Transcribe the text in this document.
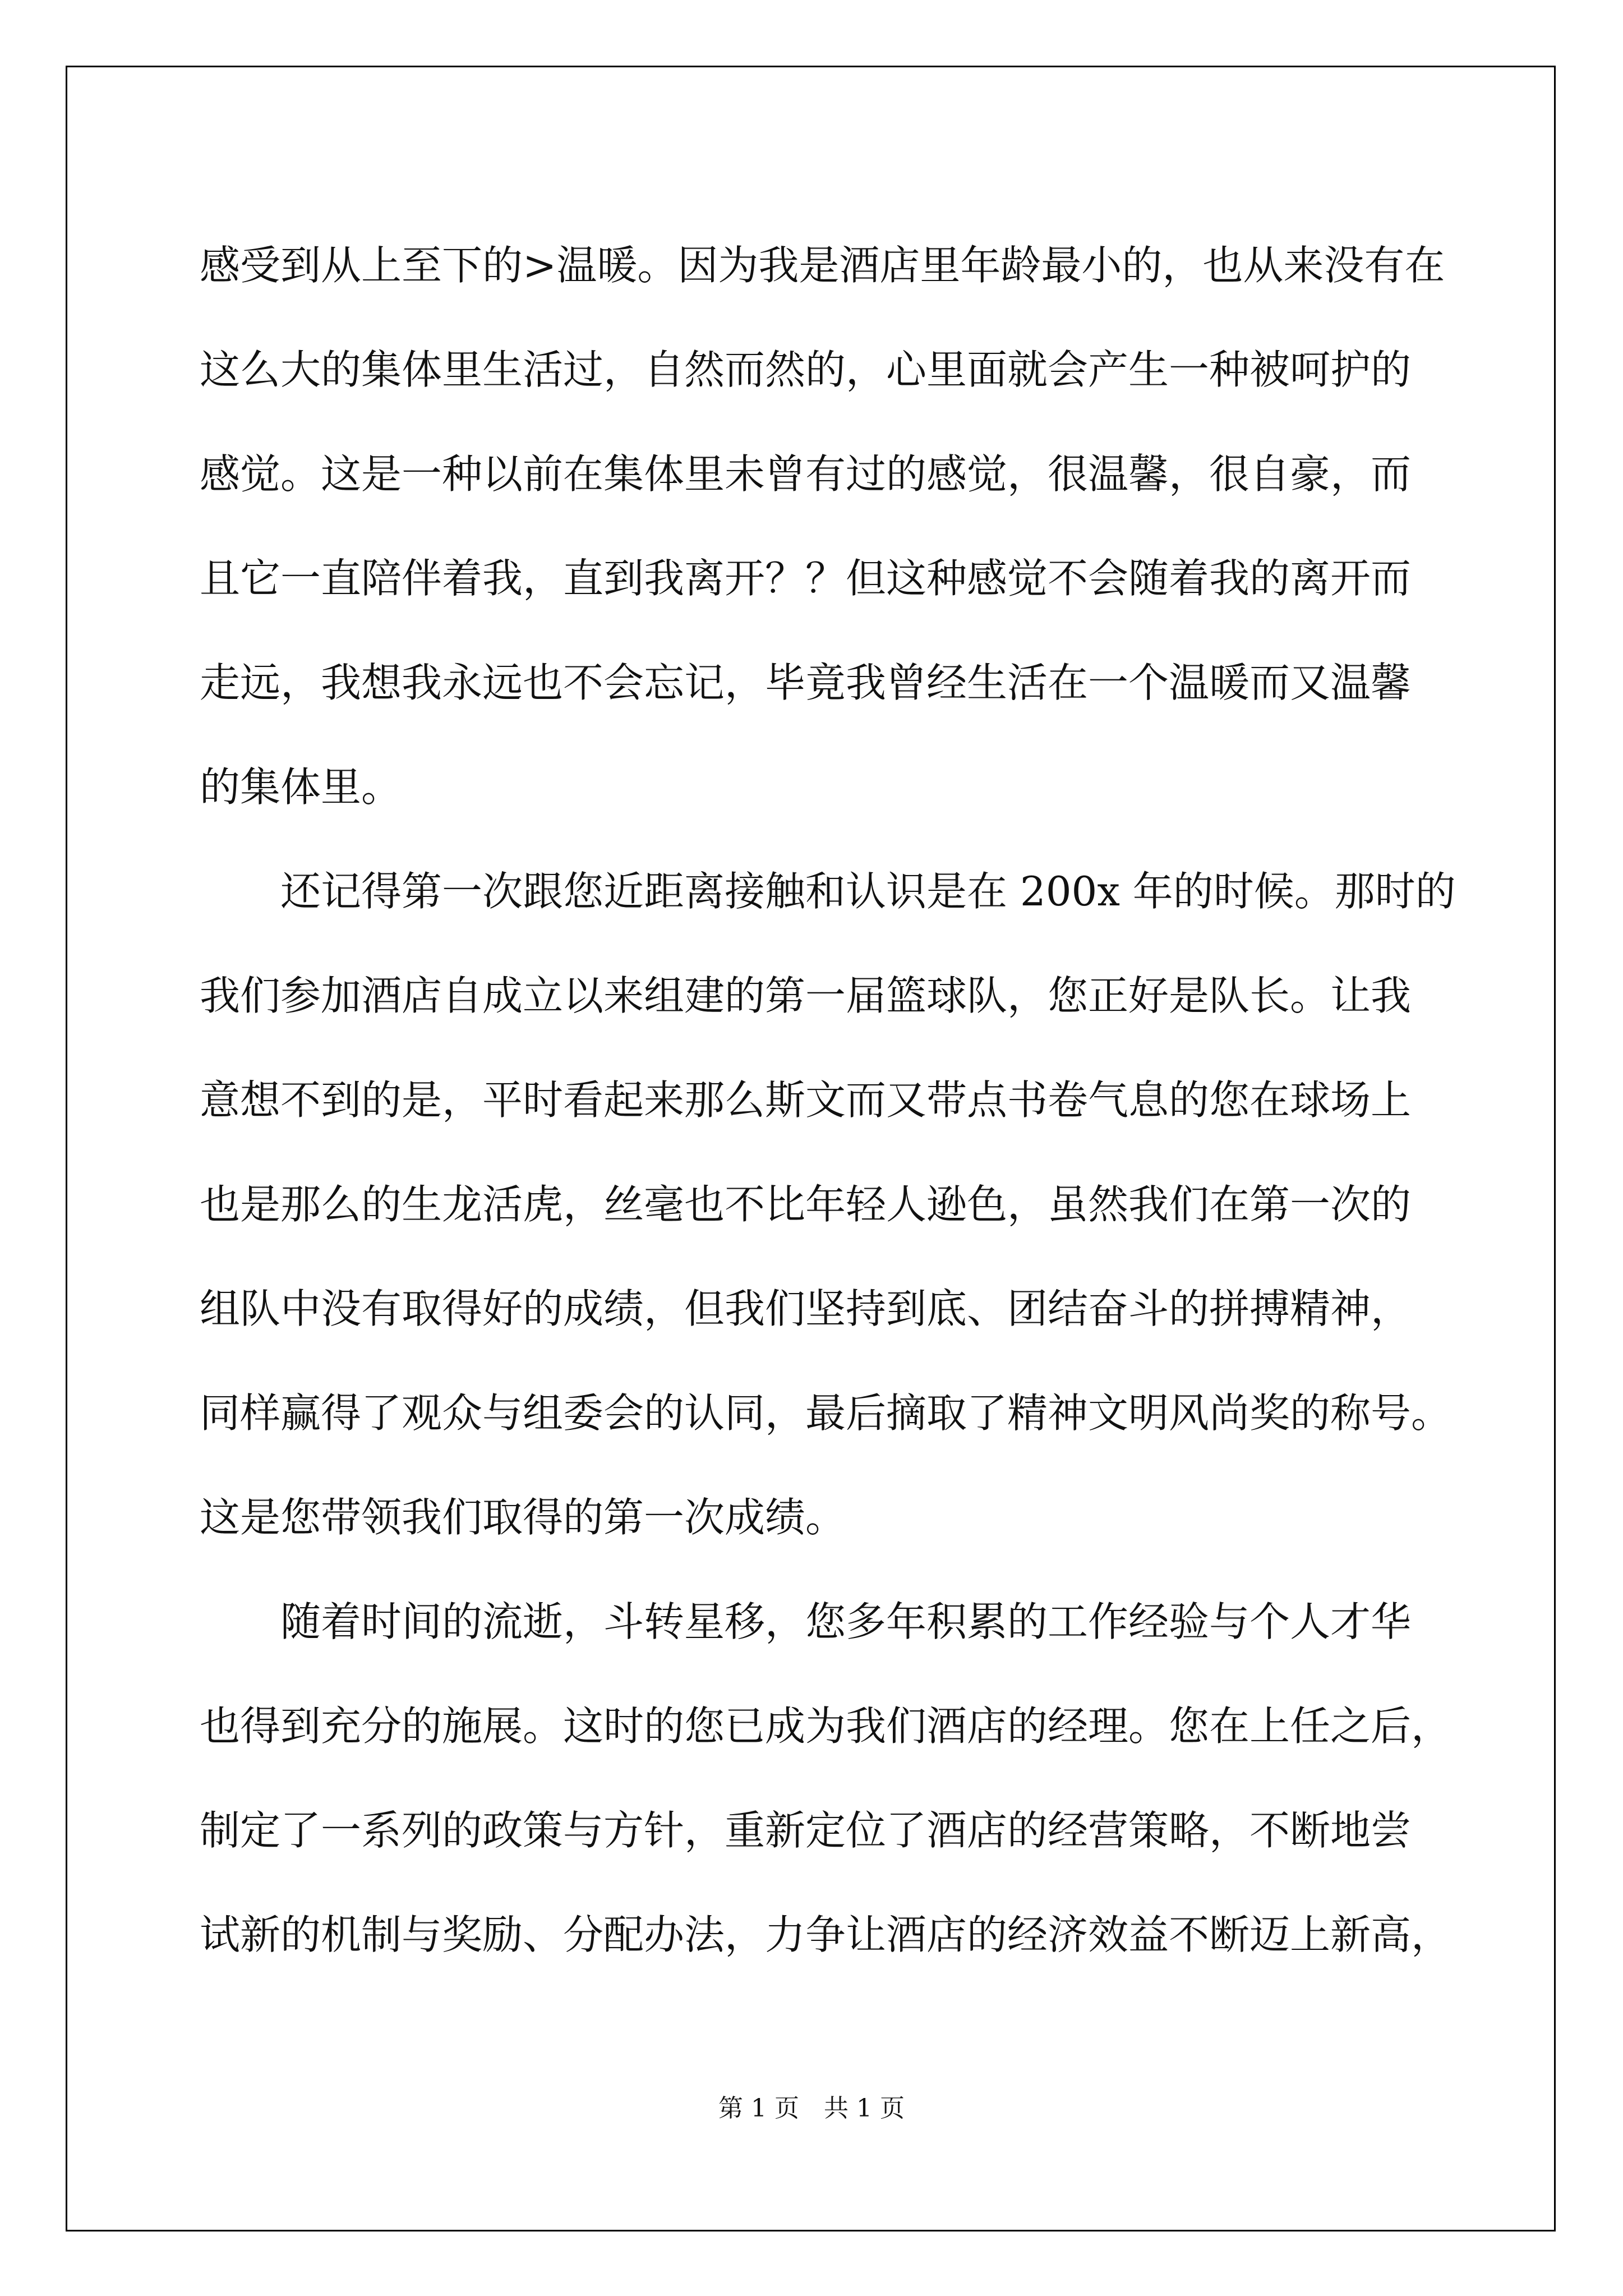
感受到从上至下的>温暖。因为我是酒店里年龄最小的，也从来没有在
这么大的集体里生活过，自然而然的，心里面就会产生一种被呵护的
感觉。这是一种以前在集体里未曾有过的感觉，很温馨，很自豪，而
且它一直陪伴着我，直到我离开？？但这种感觉不会随着我的离开而
走远，我想我永远也不会忘记，毕竟我曾经生活在一个温暖而又温馨
的集体里。
　　还记得第一次跟您近距离接触和认识是在 200x 年的时候。那时的
我们参加酒店自成立以来组建的第一届篮球队，您正好是队长。让我
意想不到的是，平时看起来那么斯文而又带点书卷气息的您在球场上
也是那么的生龙活虎，丝毫也不比年轻人逊色，虽然我们在第一次的
组队中没有取得好的成绩，但我们坚持到底、团结奋斗的拼搏精神，
同样赢得了观众与组委会的认同，最后摘取了精神文明风尚奖的称号。
这是您带领我们取得的第一次成绩。
　　随着时间的流逝，斗转星移，您多年积累的工作经验与个人才华
也得到充分的施展。这时的您已成为我们酒店的经理。您在上任之后，
制定了一系列的政策与方针，重新定位了酒店的经营策略，不断地尝
试新的机制与奖励、分配办法，力争让酒店的经济效益不断迈上新高，
第 1 页　共 1 页
